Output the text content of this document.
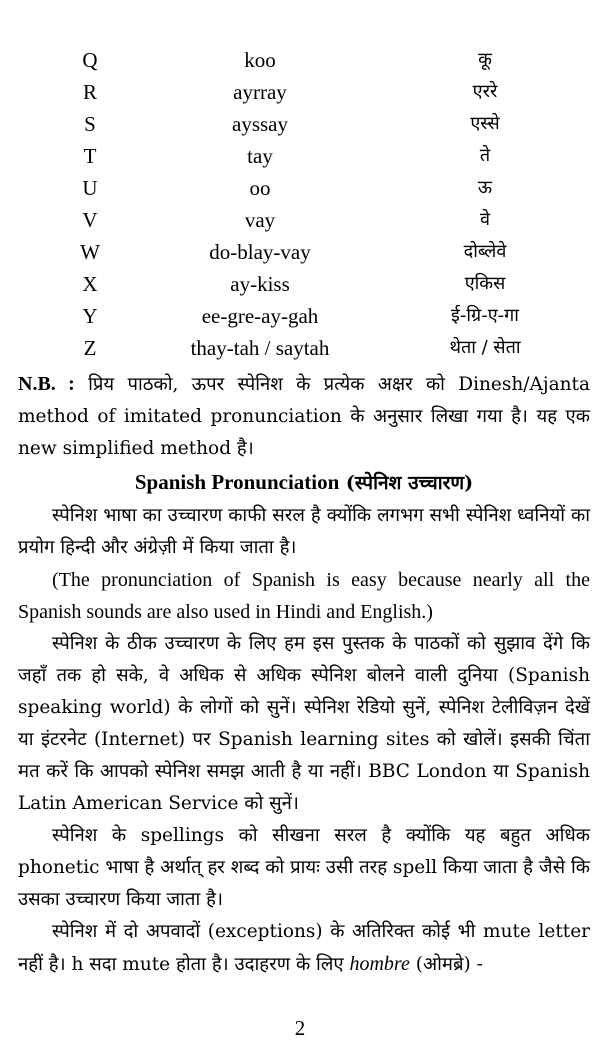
Q	koo	कू
R	ayrray	एररे
S	ayssay	एस्से
T	tay	ते
U	oo	ऊ
V	vay	वे
W	do-blay-vay	दोब्लेवे
X	ay-kiss	एकिस
Y	ee-gre-ay-gah	ई-ग्रि-ए-गा
Z	thay-tah / saytah	थेता / सेता

N.B. : प्रिय पाठको, ऊपर स्पेनिश के प्रत्येक अक्षर को Dinesh/Ajanta method of imitated pronunciation के अनुसार लिखा गया है। यह एक new simplified method है।

Spanish Pronunciation (स्पेनिश उच्चारण)

स्पेनिश भाषा का उच्चारण काफी सरल है क्योंकि लगभग सभी स्पेनिश ध्वनियों का प्रयोग हिन्दी और अंग्रेज़ी में किया जाता है।

(The pronunciation of Spanish is easy because nearly all the Spanish sounds are also used in Hindi and English.)

स्पेनिश के ठीक उच्चारण के लिए हम इस पुस्तक के पाठकों को सुझाव देंगे कि जहाँ तक हो सके, वे अधिक से अधिक स्पेनिश बोलने वाली दुनिया (Spanish speaking world) के लोगों को सुनें। स्पेनिश रेडियो सुनें, स्पेनिश टेलीविज़न देखें या इंटरनेट (Internet) पर Spanish learning sites को खोलें। इसकी चिंता मत करें कि आपको स्पेनिश समझ आती है या नहीं। BBC London या Spanish Latin American Service को सुनें।

स्पेनिश के spellings को सीखना सरल है क्योंकि यह बहुत अधिक phonetic भाषा है अर्थात् हर शब्द को प्रायः उसी तरह spell किया जाता है जैसे कि उसका उच्चारण किया जाता है।

स्पेनिश में दो अपवादों (exceptions) के अतिरिक्त कोई भी mute letter नहीं है। h सदा mute होता है। उदाहरण के लिए hombre (ओमब्रे) -

2
